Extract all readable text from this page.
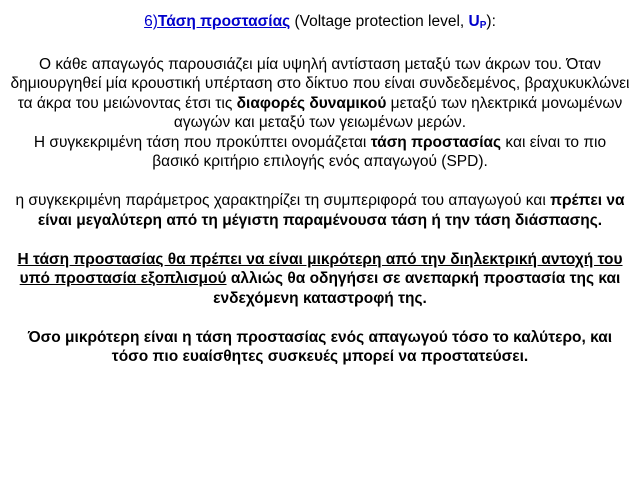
6)Τάση προστασίας (Voltage protection level, $U_P$):

Ο κάθε απαγωγός παρουσιάζει μία υψηλή αντίσταση μεταξύ των άκρων του. Όταν δημιουργηθεί μία κρουστική υπέρταση στο δίκτυο που είναι συνδεδεμένος, βραχυκυκλώνει τα άκρα του μειώνοντας έτσι τις διαφορές δυναμικού μεταξύ των ηλεκτρικά μονωμένων αγωγών και μεταξύ των γειωμένων μερών.

Η συγκεκριμένη τάση που προκύπτει ονομάζεται τάση προστασίας και είναι το πιο βασικό κριτήριο επιλογής ενός απαγωγού (SPD).

η συγκεκριμένη παράμετρος χαρακτηρίζει τη συμπεριφορά του απαγωγού και πρέπει να είναι μεγαλύτερη από τη μέγιστη παραμένουσα τάση ή την τάση διάσπασης.

Η τάση προστασίας θα πρέπει να είναι μικρότερη από την διηλεκτρική αντοχή του υπό προστασία εξοπλισμού αλλιώς θα οδηγήσει σε ανεπαρκή προστασία της και ενδεχόμενη καταστροφή της.

Όσο μικρότερη είναι η τάση προστασίας ενός απαγωγού τόσο το καλύτερο, και τόσο πιο ευαίσθητες συσκευές μπορεί να προστατεύσει.
